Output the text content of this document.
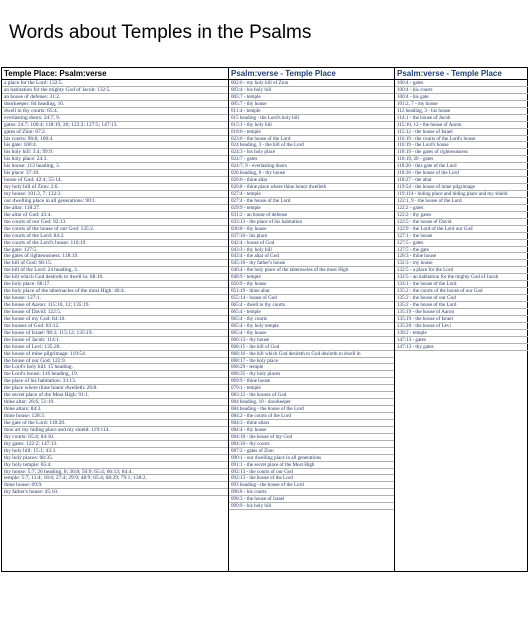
Words about Temples in the Psalms
Temple Place: Psalm:verse
a place for the Lord: 132:5.
an habitation for the mighty God of Jacob: 132:5.
an house of defense: 31:2.
doorkeeper: 84 heading, 10.
dwell in thy courts: 65:4.
everlasting doors: 24:7, 9.
gates: 24:7; 100:4; 118:19, 20; 122:2; 127:5; 147:13.
gates of Zion: 87:2.
his courts: 96:8; 100:4.
his gate: 100:4.
his holy hill: 3:4; 99:9.
his holy place: 24:3.
his house: 112 heading, 3.
his place: 37:10.
house of God: 42:4; 55:14.
my holy hill of Zion: 2:6.
my house: 101:2, 7; 132:3.
our dwelling place in all generations: 90:1.
the altar: 118:27.
the altar of God: 43:4.
the courts of our God: 92:13.
the courts of the house of our God: 135:2.
the courts of the Lord: 84:2.
the courts of the Lord's house: 116:19.
the gate: 127:5.
the gates of righteousness: 118:19.
the hill of God: 68:15.
the hill of the Lord: 24 heading, 3.
the hill which God desireth to dwell in: 68:16.
the holy place: 68:17.
the holy place of the tabernacles of the most High: 46:4.
the house: 127:1.
the house of Aaron: 115:10, 12; 135:19.
the house of David: 122:5.
the house of my God: 84:10.
the houses of God: 83:12.
the house of Israel: 98:3; 115:12; 135:19.
the house of Jacob: 114:1.
the house of Levi: 135:20.
the house of mine pilgrimage: 119:54.
the house of our God: 122:9.
the Lord's holy hill: 15 heading.
the Lord's house: 116 heading, 19.
the place of his habitation: 33:13.
the place where thine honor dwelleth: 26:8.
the secret place of the Most High: 91:1.
thine altar: 26:6; 51:19.
thine altars: 84:3.
thine house: 128:3.
the gate of the Lord: 118:20.
thou art my hiding place and my shield: 119:114.
thy courts: 65:4; 84:10.
thy gates: 122:2; 147:13.
thy holy hill: 15:1; 43:3.
thy holy places: 68:35.
thy holy temple: 65:4.
thy house: 5:7; 26 heading, 8; 36:8; 50:9; 65:4; 66:13; 84:4.
temple: 5:7; 11:4; 18:6; 27:4; 29:9; 48:9; 65:4; 68:29; 79:1; 138:2.
thine house: 69:9.
thy father's house: 45:10.
Psalm:verse - Temple Place
002:6 - my holy hill of Zion
003:4 - his holy hill
005:7 - temple
005:7 - thy house
011:4 - temple
015 heading - the Lord's holy hill
015:1 - thy holy hill
018:6 - temple
023:6 - the house of the Lord
024 heading, 3 - the hill of the Lord
024:3 - his holy place
024:7 - gates
024:7, 9 - everlasting doors
026 heading, 8 - thy house
026:6 - thine altar
026:8 - thine place where thine honor dwelleth
027:4 - temple
027:4 - the house of the Lord
029:9 - temple
031:2 - an house of defense
033:13 - the place of his habitation
036:8 - thy house
037:10 - his place
042:4 - house of God
043:3 - thy holy hill
043:4 - the altar of God
045:10 - thy father's house
046:4 - the holy place of the tabernacles of the most High
048:9 - temple
050:9 - thy house
051:19 - thine altar
055:14 - house of God
065:4 - dwell in thy courts
065:4 - temple
065:4 - thy courts
065:4 - thy holy temple
065:4 - thy house
066:13 - thy house
068:15 - the hill of God
068:16 - the hill which God desireth to God desireth to dwell in
068:17 - the holy place
068:29 - temple
068:35 - thy holy places
069:9 - thine house
079:1 - temple
083:12 - the houses of God
084 heading, 10 - doorkeeper
084 heading - the house of the Lord
084:2 - the courts of the Lord
084:3 - thine altars
084:4 - thy house
084:10 - the house of my God
084:10 - thy courts
087:2 - gates of Zion
090:1 - our dwelling place in all generations
091:1 - the secret place of the Most High
092:13 - the courts of our God
092:13 - the house of the Lord
093 heading - the house of the Lord
096:8 - his courts
098:3 - the house of Israel
099:9 - his holy hill
Psalm:verse - Temple Place
100:4 - gates
100:4 - his courts
100:4 - his gate
101:2, 7 - my house
112 heading, 3 - his house
114:1 - the house of Jacob
115:10, 12 - the house of Aaron
115:12 - the house of Israel
116:19 - the courts of the Lord's house
116:19 - the Lord's house
118:19 - the gates of righteousness
118:19, 20 - gates
118:20 - this gate of the Lord
118:26 - the house of the Lord
118:27 - the altar
119:54 - the house of mine pilgrimage
119:114 - hiding place and hiding place and my shield
122:1, 9 - the house of the Lord
122:2 - gates
122:2 - thy gates
122:5 - the house of David
122:9 - the Lord of the Lord our God
127:1 - the house
127:5 - gates
127:5 - the gate
128:3 - thine house
132:3 - my house
132:5 - a place for the Lord
132:5 - an habitation for the mighty God of Jacob
134:1 - the house of the Lord
135:2 - the courts of the house of our God
135:2 - the house of our God
135:2 - the house of the Lord
135:19 - the house of Aaron
135:19 - the house of Israel
135:20 - the house of Levi
138:2 - temple
147:13 - gates
147:13 - thy gates
